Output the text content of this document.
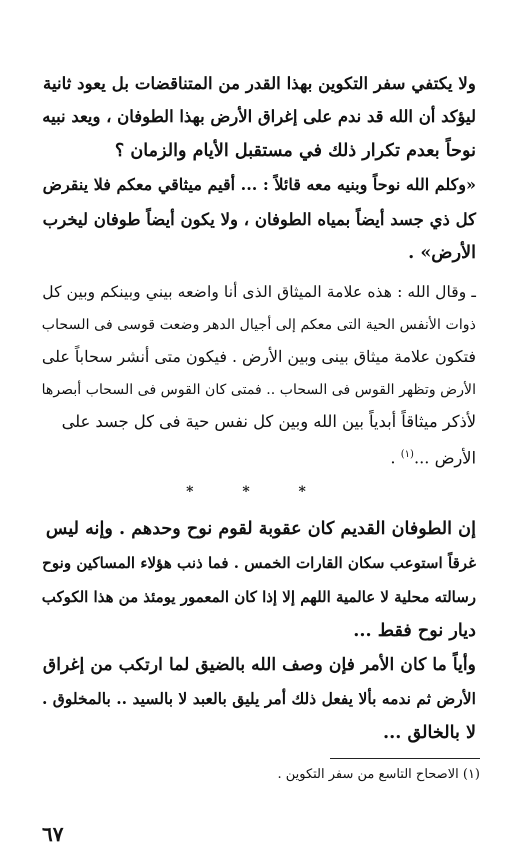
ولا يكتفي سفر التكوين بهذا القدر من المتناقضات بل يعود ثانية
ليؤكد أن الله قد ندم على إغراق الأرض بهذا الطوفان ، ويعد نبيه
نوحاً بعدم تكرار ذلك في مستقبل الأيام والزمان ؟
«وكلم الله نوحاً وبنيه معه قائلاً : ... أقيم ميثاقي معكم فلا ينقرض
كل ذي جسد أيضاً بمياه الطوفان ، ولا يكون أيضاً طوفان ليخرب
الأرض» .
ـ وقال الله : هذه علامة الميثاق الذى أنا واضعه بيني وبينكم وبين كل
ذوات الأنفس الحية التى معكم إلى أجيال الدهر وضعت قوسى فى السحاب
فتكون علامة ميثاق بينى وبين الأرض . فيكون متى أنشر سحاباً على
الأرض وتظهر القوس فى السحاب .. فمتى كان القوس فى السحاب أبصرها
لأذكر ميثاقاً أبدياً بين الله وبين كل نفس حية فى كل جسد على
الأرض ...$^{(١)}$ .
* * *
إن الطوفان القديم كان عقوبة لقوم نوح وحدهم . وإنه ليس
غرقاً استوعب سكان القارات الخمس . فما ذنب هؤلاء المساكين ونوح
رسالته محلية لا عالمية اللهم إلا إذا كان المعمور يومئذ من هذا الكوكب
ديار نوح فقط ...
وأياً ما كان الأمر فإن وصف الله بالضيق لما ارتكب من إغراق
الأرض ثم ندمه بألا يفعل ذلك أمر يليق بالعبد لا بالسيد .. بالمخلوق .
لا بالخالق ...
(١) الاصحاح التاسع من سفر التكوين .
٦٧
